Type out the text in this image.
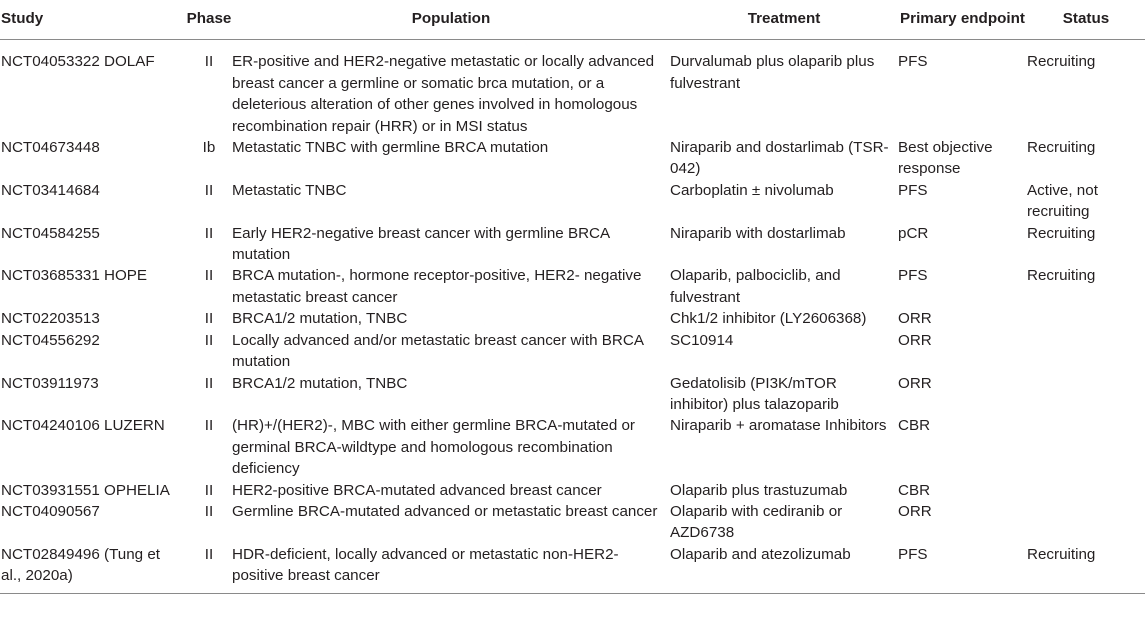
Study	Phase	Population	Treatment	Primary endpoint	Status
NCT04053322 DOLAF	II	ER-positive and HER2-negative metastatic or locally advanced breast cancer a germline or somatic brca mutation, or a deleterious alteration of other genes involved in homologous recombination repair (HRR) or in MSI status	Durvalumab plus olaparib plus fulvestrant	PFS	Recruiting
NCT04673448	Ib	Metastatic TNBC with germline BRCA mutation	Niraparib and dostarlimab (TSR-042)	Best objective response	Recruiting
NCT03414684	II	Metastatic TNBC	Carboplatin ± nivolumab	PFS	Active, not recruiting
NCT04584255	II	Early HER2-negative breast cancer with germline BRCA mutation	Niraparib with dostarlimab	pCR	Recruiting
NCT03685331 HOPE	II	BRCA mutation-, hormone receptor-positive, HER2- negative metastatic breast cancer	Olaparib, palbociclib, and fulvestrant	PFS	Recruiting
NCT02203513	II	BRCA1/2 mutation, TNBC	Chk1/2 inhibitor (LY2606368)	ORR	
NCT04556292	II	Locally advanced and/or metastatic breast cancer with BRCA mutation	SC10914	ORR	
NCT03911973	II	BRCA1/2 mutation, TNBC	Gedatolisib (PI3K/mTOR inhibitor) plus talazoparib	ORR	
NCT04240106 LUZERN	II	(HR)+/(HER2)-, MBC with either germline BRCA-mutated or germinal BRCA-wildtype and homologous recombination deficiency	Niraparib + aromatase Inhibitors	CBR	
NCT03931551 OPHELIA	II	HER2-positive BRCA-mutated advanced breast cancer	Olaparib plus trastuzumab	CBR	
NCT04090567	II	Germline BRCA-mutated advanced or metastatic breast cancer	Olaparib with cediranib or AZD6738	ORR	
NCT02849496 (Tung et al., 2020a)	II	HDR-deficient, locally advanced or metastatic non-HER2-positive breast cancer	Olaparib and atezolizumab	PFS	Recruiting
